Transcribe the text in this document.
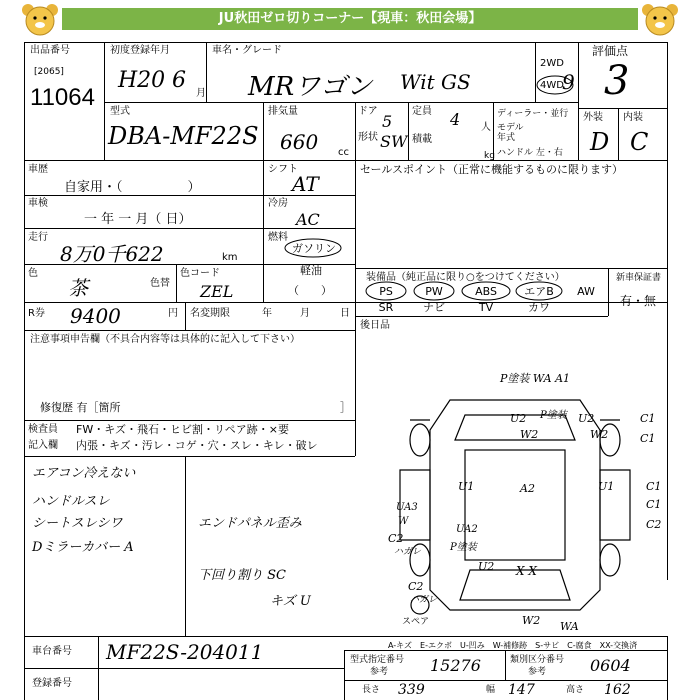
JU秋田ゼロ切りコーナー【現車：秋田会場】
出品番号
[2065]
11064
初度登録年月
H20 6
月
車名・グレード
MRワゴン Wit GS
2WD
4WD
9
評価点
3
型式
DBA-MF22S
排気量
660 cc
ドア
5
形状 SW
定員 4 人
積載
kg
ディーラー・並行
モデル
年式
ハンドル 左・右
外装 内装
D C
車歴
自家用・（　　　　　）
シフト
AT
セールスポイント（正常に機能するものに限ります）
車検
一 年 一 月（ 日）
冷房
AC
走行
8万0千622	km
燃料
ガソリン
軽油
（　　）
色
茶	色替
色コード
ZEL
R券 9400	円 名変期限	年	月	日
装備品（純正品に限り○をつけてください）
PS	PW	ABS	エアB	AW
SR	ナビ	TV	カワ
新車保証書
有・無
後日品
注意事項申告欄（不具合内容等は具体的に記入して下さい）
修復歴 有［箇所	］
検査員
記入欄
FW・キズ・飛石・ヒビ割・リペア跡・×要
内張・キズ・汚レ・コゲ・穴・スレ・キレ・破レ
エアコン冷えない
ハンドルスレ
シートスレシワ
Dミラーカバー A
エンドパネル歪み
下回り割り SC
キズ U
P塗装 WA A1
U2 P塗装 U2	C1
C1
W2	W2
U1	A2	U1	C1
C1
UA3
W
C2
UA2
ハガレ
C2
P塗装
X X
U2
C2
ハガレ
スペア	W2 WA
A-キズ　E-エクボ　U-凹み　W-補修跡　S-サビ　C-腐食　XX-交換済
車台番号 MF22S-204011
登録番号
型式指定番号
参考	15276	類別区分番号
参考	0604
長さ 339	幅 147	高さ 162
